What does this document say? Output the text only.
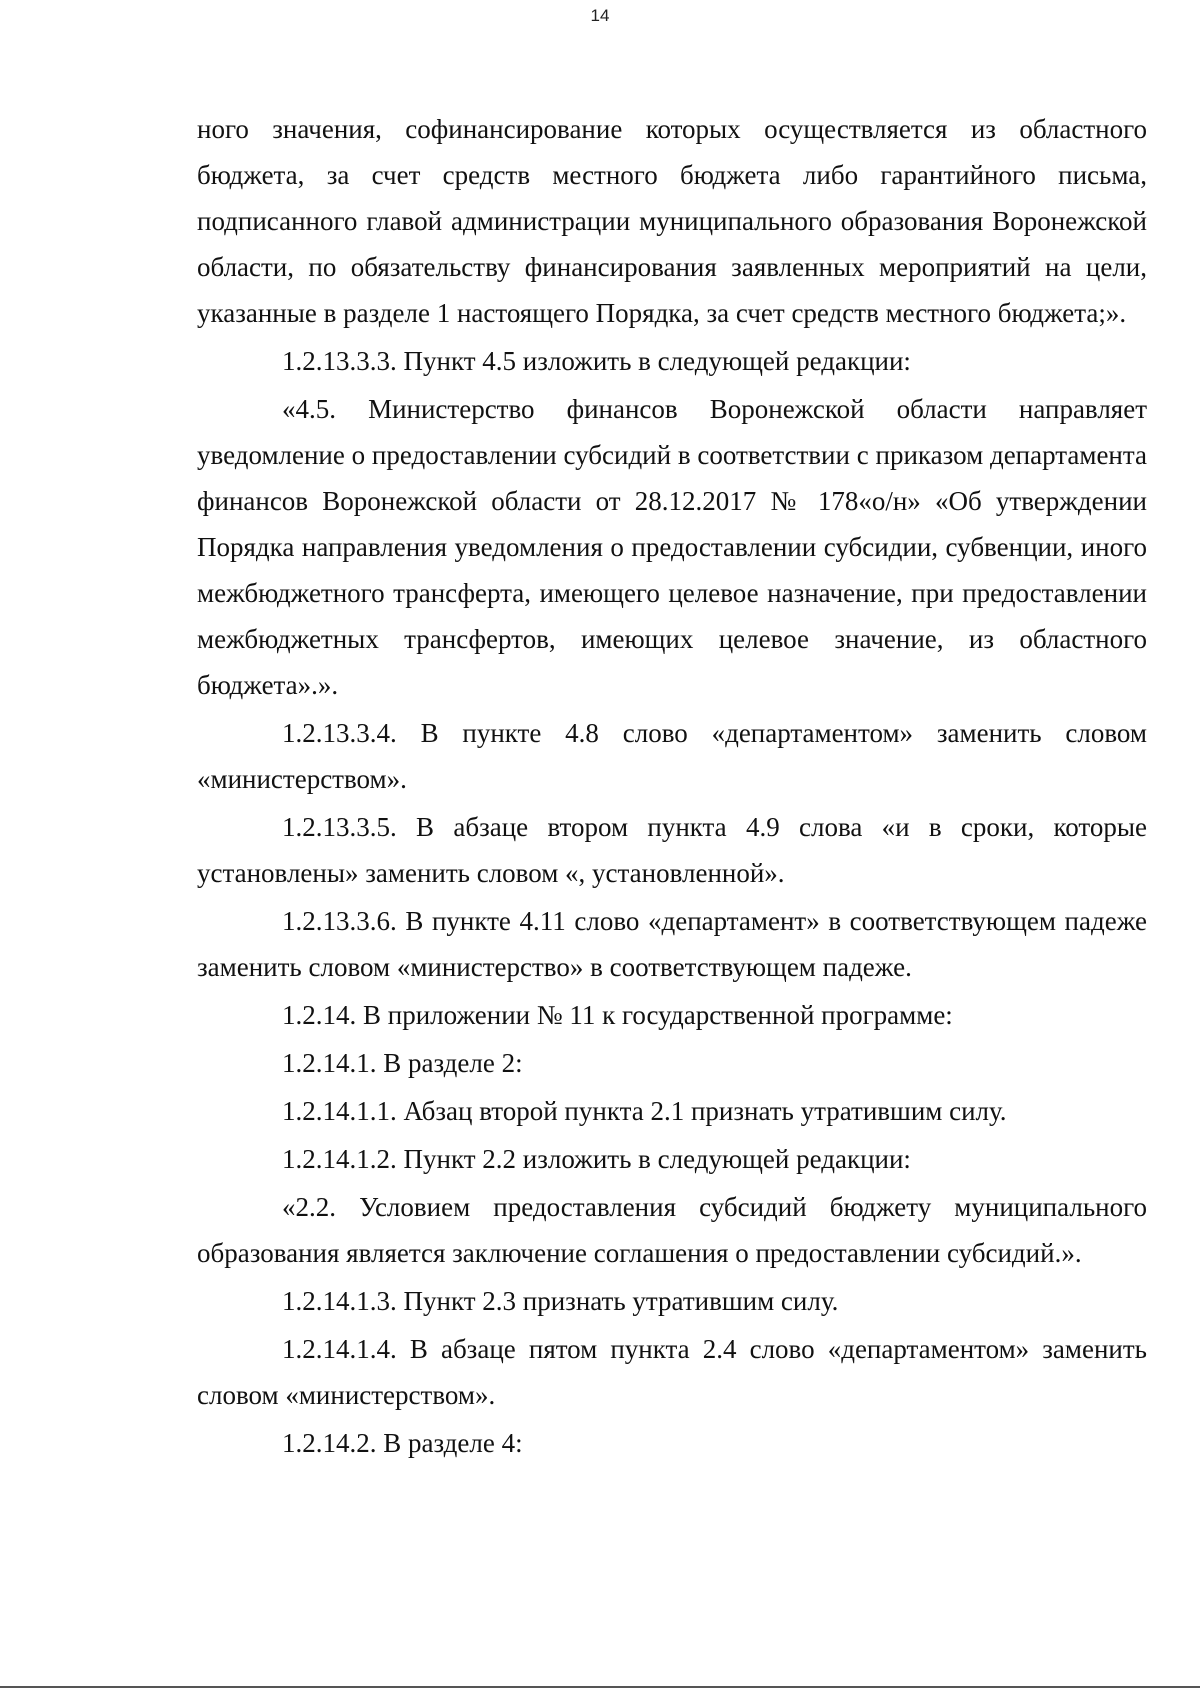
14

ного значения, софинансирование которых осуществляется из областного бюджета, за счет средств местного бюджета либо гарантийного письма, подписанного главой администрации муниципального образования Воронежской области, по обязательству финансирования заявленных мероприятий на цели, указанные в разделе 1 настоящего Порядка, за счет средств местного бюджета;».

1.2.13.3.3. Пункт 4.5 изложить в следующей редакции:

«4.5. Министерство финансов Воронежской области направляет уведомление о предоставлении субсидий в соответствии с приказом департамента финансов Воронежской области от 28.12.2017 № 178«о/н» «Об утверждении Порядка направления уведомления о предоставлении субсидии, субвенции, иного межбюджетного трансферта, имеющего целевое назначение, при предоставлении межбюджетных трансфертов, имеющих целевое значение, из областного бюджета».».

1.2.13.3.4. В пункте 4.8 слово «департаментом» заменить словом «министерством».

1.2.13.3.5. В абзаце втором пункта 4.9 слова «и в сроки, которые установлены» заменить словом «, установленной».

1.2.13.3.6. В пункте 4.11 слово «департамент» в соответствующем падеже заменить словом «министерство» в соответствующем падеже.

1.2.14. В приложении № 11 к государственной программе:

1.2.14.1. В разделе 2:

1.2.14.1.1. Абзац второй пункта 2.1 признать утратившим силу.

1.2.14.1.2. Пункт 2.2 изложить в следующей редакции:

«2.2. Условием предоставления субсидий бюджету муниципального образования является заключение соглашения о предоставлении субсидий.».

1.2.14.1.3. Пункт 2.3 признать утратившим силу.

1.2.14.1.4. В абзаце пятом пункта 2.4 слово «департаментом» заменить словом «министерством».

1.2.14.2. В разделе 4:
